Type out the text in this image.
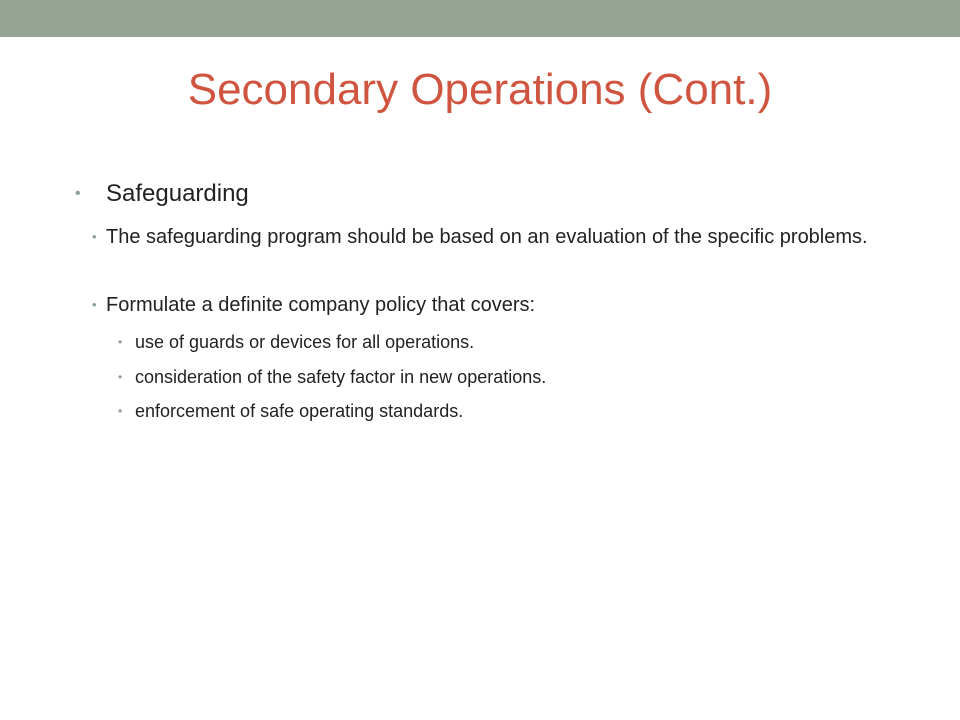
Secondary Operations (Cont.)
• Safeguarding
• The safeguarding program should be based on an evaluation of the specific problems.
• Formulate a definite company policy that covers:
• use of guards or devices for all operations.
• consideration of the safety factor in new operations.
• enforcement of safe operating standards.
